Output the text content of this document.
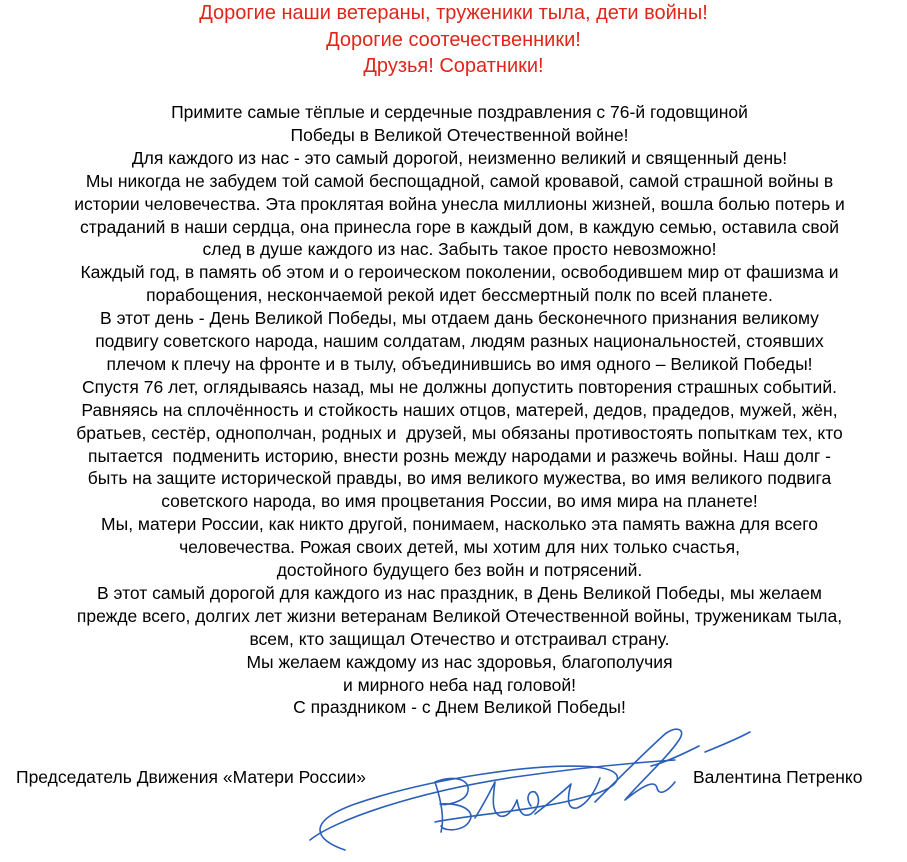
Дорогие наши ветераны, труженики тыла, дети войны!
Дорогие соотечественники!
Друзья! Соратники!
Примите самые тёплые и сердечные поздравления с 76-й годовщиной
Победы в Великой Отечественной войне!
Для каждого из нас - это самый дорогой, неизменно великий и священный день!
Мы никогда не забудем той самой беспощадной, самой кровавой, самой страшной войны в
истории человечества. Эта проклятая война унесла миллионы жизней, вошла болью потерь и
страданий в наши сердца, она принесла горе в каждый дом, в каждую семью, оставила свой
след в душе каждого из нас. Забыть такое просто невозможно!
Каждый год, в память об этом и о героическом поколении, освободившем мир от фашизма и
порабощения, нескончаемой рекой идет бессмертный полк по всей планете.
В этот день - День Великой Победы, мы отдаем дань бесконечного признания великому
подвигу советского народа, нашим солдатам, людям разных национальностей, стоявших
плечом к плечу на фронте и в тылу, объединившись во имя одного – Великой Победы!
Спустя 76 лет, оглядываясь назад, мы не должны допустить повторения страшных событий.
Равняясь на сплочённость и стойкость наших отцов, матерей, дедов, прадедов, мужей, жён,
братьев, сестёр, однополчан, родных и  друзей, мы обязаны противостоять попыткам тех, кто
пытается  подменить историю, внести рознь между народами и разжечь войны. Наш долг -
быть на защите исторической правды, во имя великого мужества, во имя великого подвига
советского народа, во имя процветания России, во имя мира на планете!
Мы, матери России, как никто другой, понимаем, насколько эта память важна для всего
человечества. Рожая своих детей, мы хотим для них только счастья,
достойного будущего без войн и потрясений.
В этот самый дорогой для каждого из нас праздник, в День Великой Победы, мы желаем
прежде всего, долгих лет жизни ветеранам Великой Отечественной войны, труженикам тыла,
всем, кто защищал Отечество и отстраивал страну.
Мы желаем каждому из нас здоровья, благополучия
и мирного неба над головой!
С праздником - с Днем Великой Победы!
Председатель Движения «Матери России»	Валентина Петренко
